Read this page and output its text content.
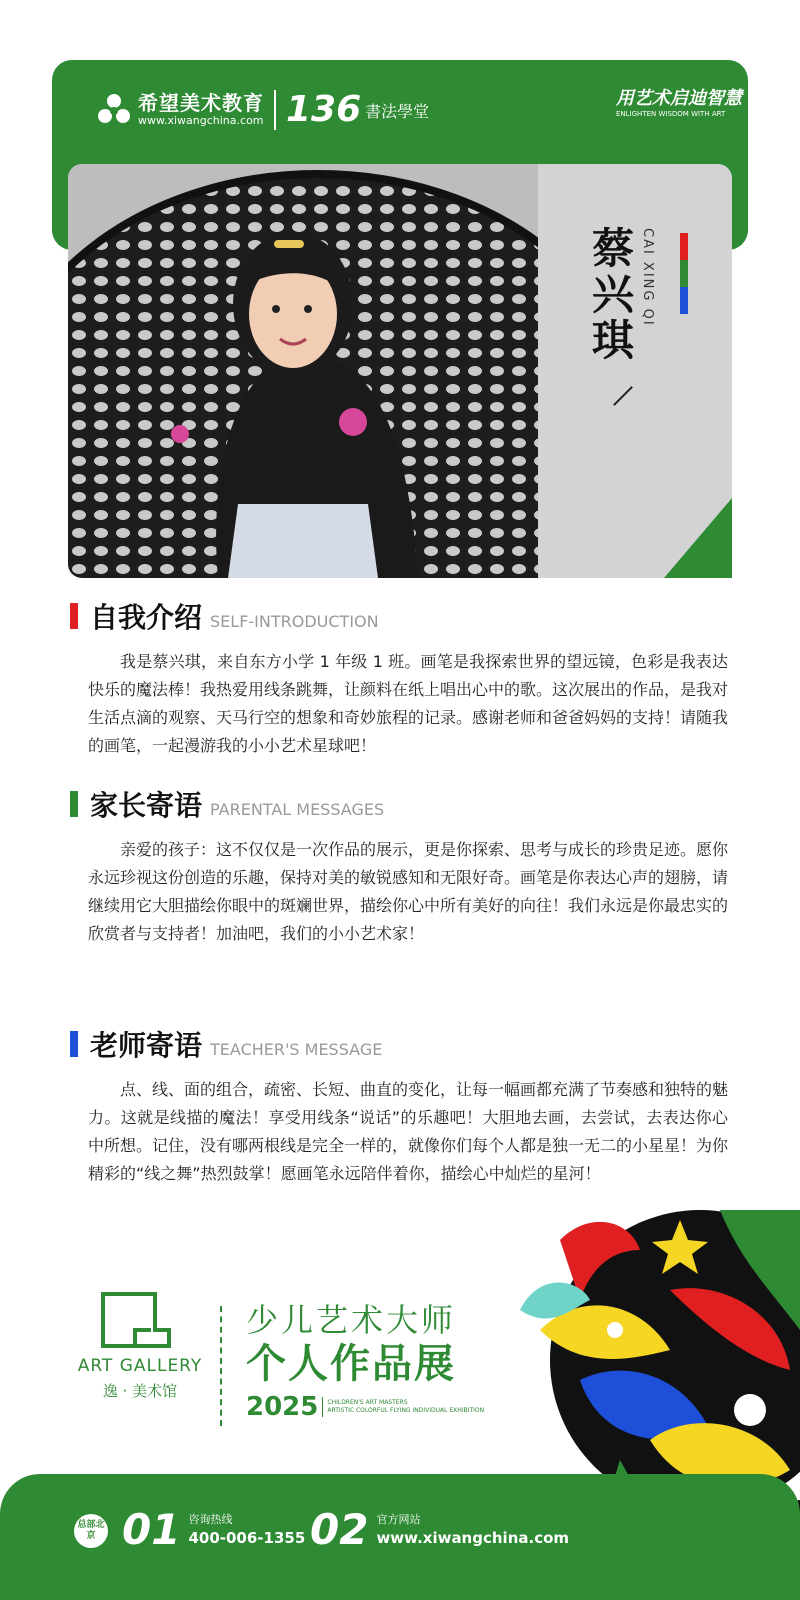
希望美术教育
www.xiwangchina.com 136 書法學堂
用艺术启迪智慧
ENLIGHTEN WISDOM WITH ART
蔡兴琪 CAI XING QI
自我介绍 SELF-INTRODUCTION

我是蔡兴琪，来自东方小学 1 年级 1 班。画笔是我探索世界的望远镜，色彩是我表达快乐的魔法棒！我热爱用线条跳舞，让颜料在纸上唱出心中的歌。这次展出的作品，是我对生活点滴的观察、天马行空的想象和奇妙旅程的记录。感谢老师和爸爸妈妈的支持！请随我的画笔，一起漫游我的小小艺术星球吧！

家长寄语 PARENTAL MESSAGES

亲爱的孩子：这不仅仅是一次作品的展示，更是你探索、思考与成长的珍贵足迹。愿你永远珍视这份创造的乐趣，保持对美的敏锐感知和无限好奇。画笔是你表达心声的翅膀，请继续用它大胆描绘你眼中的斑斓世界，描绘你心中所有美好的向往！我们永远是你最忠实的欣赏者与支持者！加油吧，我们的小小艺术家！

老师寄语 TEACHER'S MESSAGE

点、线、面的组合，疏密、长短、曲直的变化，让每一幅画都充满了节奏感和独特的魅力。这就是线描的魔法！享受用线条“说话”的乐趣吧！大胆地去画，去尝试，去表达你心中所想。记住，没有哪两根线是完全一样的，就像你们每个人都是独一无二的小星星！为你精彩的“线之舞”热烈鼓掌！愿画笔永远陪伴着你，描绘心中灿烂的星河！

ART GALLERY
逸 · 美术馆
少儿艺术大师
个人作品展
2025 CHILDREN'S ART MASTERS
ARTISTIC COLORFUL FLYING INDIVIDUAL EXHIBITION
总部北京 01 咨询热线
400-006-1355 02 官方网站
www.xiwangchina.com
